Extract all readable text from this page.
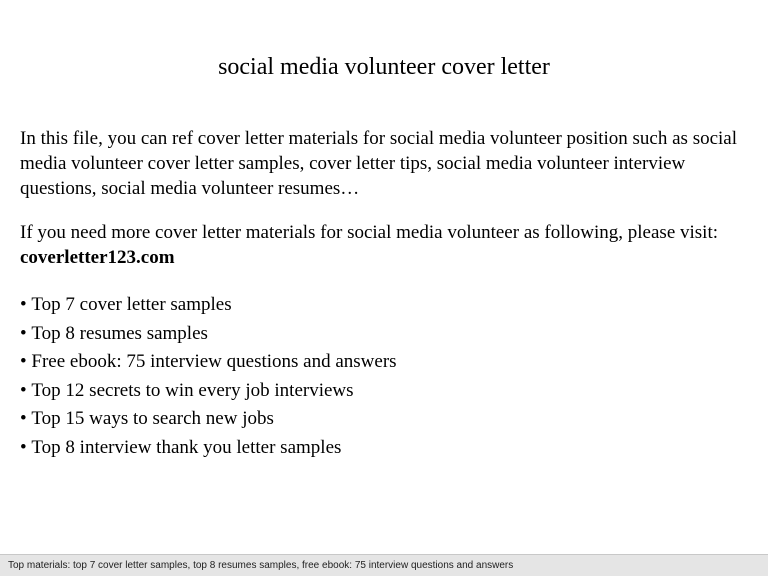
social media volunteer cover letter
In this file, you can ref cover letter materials for social media volunteer position such as social media volunteer cover letter samples, cover letter tips, social media volunteer interview questions, social media volunteer resumes…
If you need more cover letter materials for social media volunteer as following, please visit: coverletter123.com
• Top 7 cover letter samples
• Top 8 resumes samples
• Free ebook: 75 interview questions and answers
• Top 12 secrets to win every job interviews
• Top 15 ways to search new jobs
• Top 8 interview thank you letter samples
Top materials: top 7 cover letter samples, top 8 resumes samples, free ebook: 75 interview questions and answers
